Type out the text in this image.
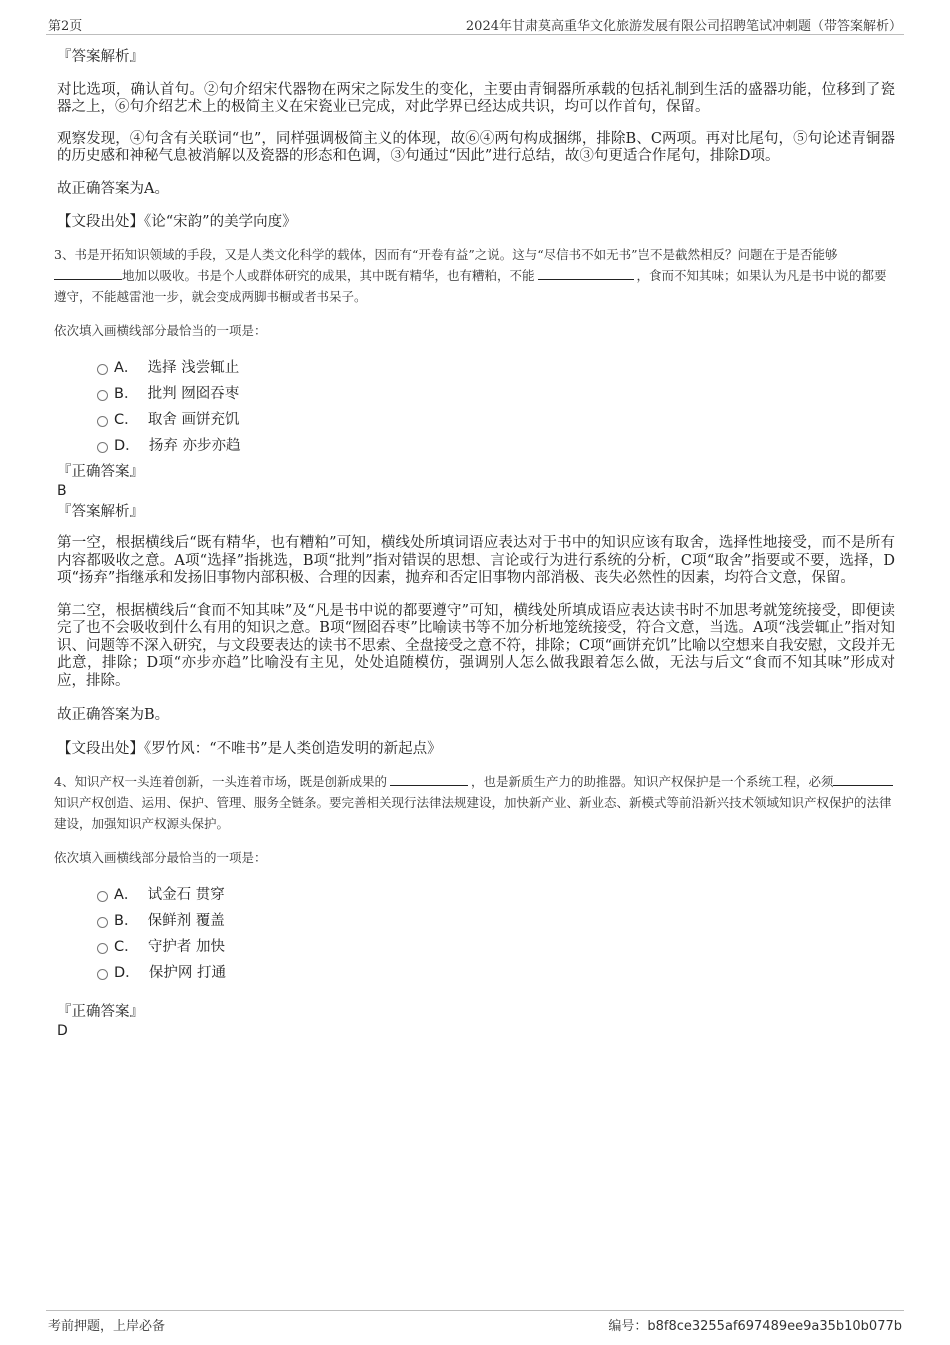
第2页	2024年甘肃莫高重华文化旅游发展有限公司招聘笔试冲刺题（带答案解析）

『答案解析』

对比选项，确认首句。②句介绍宋代器物在两宋之际发生的变化，主要由青铜器所承载的包括礼制到生活的盛器功能，位移到了瓷器之上，⑥句介绍艺术上的极简主义在宋瓷业已完成，对此学界已经达成共识，均可以作首句，保留。

观察发现，④句含有关联词“也”，同样强调极简主义的体现，故⑥④两句构成捆绑，排除B、C两项。再对比尾句，⑤句论述青铜器的历史感和神秘气息被消解以及瓷器的形态和色调，③句通过“因此”进行总结，故③句更适合作尾句，排除D项。

故正确答案为A。

【文段出处】《论“宋韵”的美学向度》

3、书是开拓知识领域的手段，又是人类文化科学的载体，因而有“开卷有益”之说。这与“尽信书不如无书”岂不是截然相反？问题在于是否能够地加以吸收。书是个人或群体研究的成果，其中既有精华，也有糟粕，不能	，食而不知其味；如果认为凡是书中说的都要遵守，不能越雷池一步，就会变成两脚书橱或者书呆子。

依次填入画横线部分最恰当的一项是：

A． 选择 浅尝辄止
B． 批判 囫囵吞枣
C． 取舍 画饼充饥
D． 扬弃 亦步亦趋

『正确答案』

B

『答案解析』

第一空，根据横线后“既有精华，也有糟粕”可知，横线处所填词语应表达对于书中的知识应该有取舍，选择性地接受，而不是所有内容都吸收之意。A项“选择”指挑选，B项“批判”指对错误的思想、言论或行为进行系统的分析，C项“取舍”指要或不要，选择，D项“扬弃”指继承和发扬旧事物内部积极、合理的因素，抛弃和否定旧事物内部消极、丧失必然性的因素，均符合文意，保留。

第二空，根据横线后“食而不知其味”及“凡是书中说的都要遵守”可知，横线处所填成语应表达读书时不加思考就笼统接受，即便读完了也不会吸收到什么有用的知识之意。B项“囫囵吞枣”比喻读书等不加分析地笼统接受，符合文意，当选。A项“浅尝辄止”指对知识、问题等不深入研究，与文段要表达的读书不思索、全盘接受之意不符，排除；C项“画饼充饥”比喻以空想来自我安慰，文段并无此意，排除；D项“亦步亦趋”比喻没有主见，处处追随模仿，强调别人怎么做我跟着怎么做，无法与后文“食而不知其味”形成对应，排除。

故正确答案为B。

【文段出处】《罗竹风：“不唯书”是人类创造发明的新起点》

4、知识产权一头连着创新，一头连着市场，既是创新成果的	，也是新质生产力的助推器。知识产权保护是一个系统工程，必须知识产权创造、运用、保护、管理、服务全链条。要完善相关现行法律法规建设，加快新产业、新业态、新模式等前沿新兴技术领域知识产权保护的法律建设，加强知识产权源头保护。

依次填入画横线部分最恰当的一项是：

A． 试金石 贯穿
B． 保鲜剂 覆盖
C． 守护者 加快
D． 保护网 打通

『正确答案』

D

考前押题，上岸必备	编号：b8f8ce3255af697489ee9a35b10b077b
